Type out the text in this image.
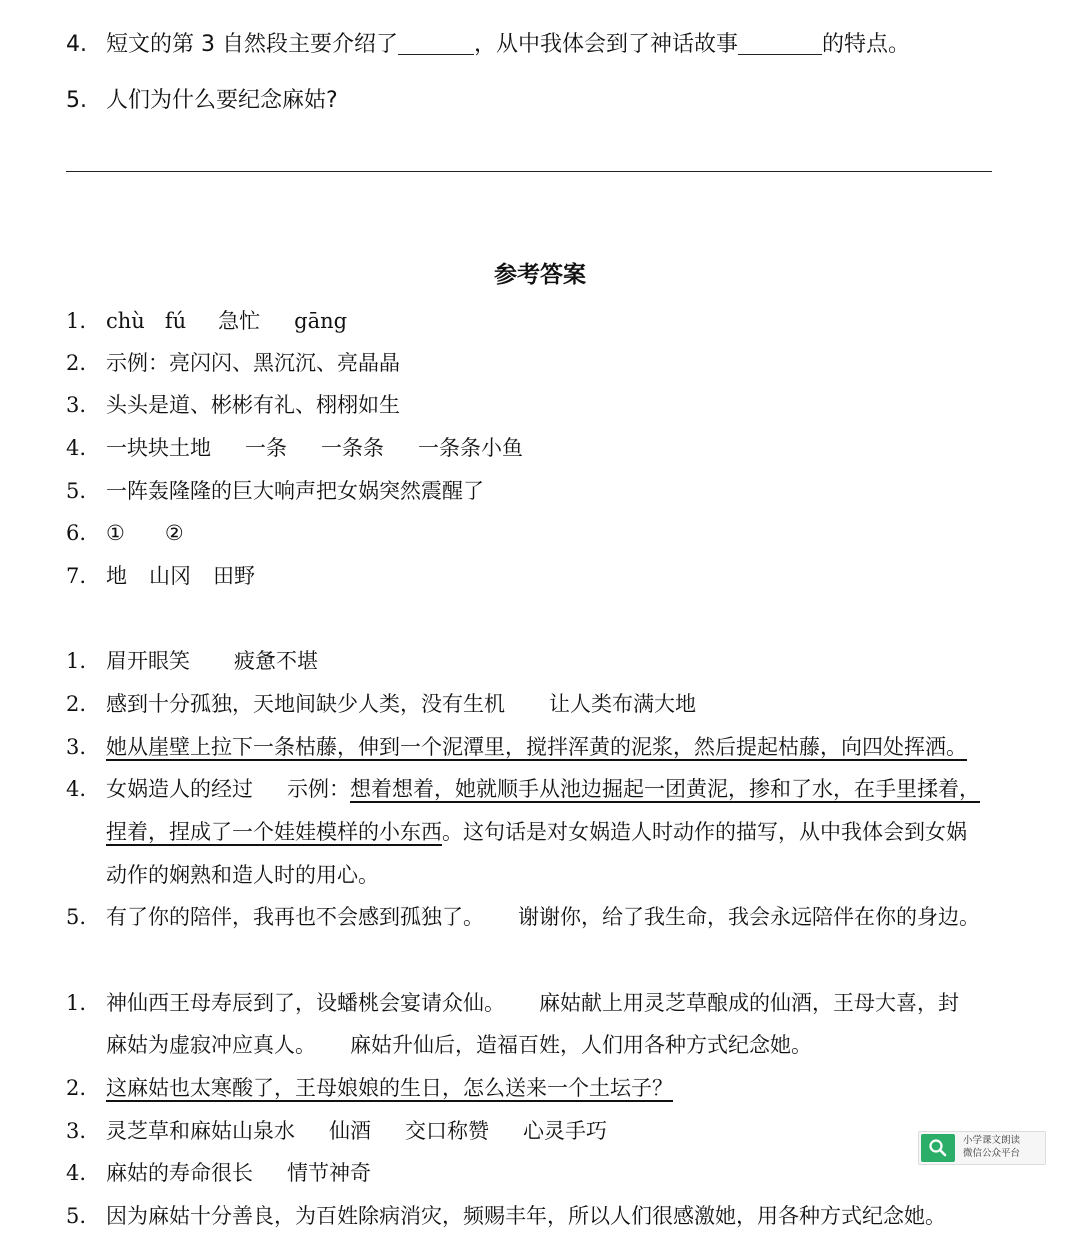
4. 短文的第 3 自然段主要介绍了	，从中我体会到了神话故事	的特点。
5. 人们为什么要纪念麻姑?
参考答案
1. chù fú 急忙 gāng
2. 示例：亮闪闪、黑沉沉、亮晶晶
3. 头头是道、彬彬有礼、栩栩如生
4. 一块块土地 一条 一条条 一条条小鱼
5. 一阵轰隆隆的巨大响声把女娲突然震醒了
6. ① ②
7. 地 山冈 田野
1. 眉开眼笑 疲惫不堪
2. 感到十分孤独，天地间缺少人类，没有生机 让人类布满大地
3. 她从崖壁上拉下一条枯藤，伸到一个泥潭里，搅拌浑黄的泥浆，然后提起枯藤，向四处挥洒。
4. 女娲造人的经过 示例：想着想着，她就顺手从池边掘起一团黄泥，掺和了水，在手里揉着，
捏着，捏成了一个娃娃模样的小东西。这句话是对女娲造人时动作的描写，从中我体会到女娲
动作的娴熟和造人时的用心。
5. 有了你的陪伴，我再也不会感到孤独了。 谢谢你，给了我生命，我会永远陪伴在你的身边。
1. 神仙西王母寿辰到了，设蟠桃会宴请众仙。 麻姑献上用灵芝草酿成的仙酒，王母大喜，封
麻姑为虚寂冲应真人。 麻姑升仙后，造福百姓，人们用各种方式纪念她。
2. 这麻姑也太寒酸了，王母娘娘的生日，怎么送来一个土坛子？
3. 灵芝草和麻姑山泉水 仙酒 交口称赞 心灵手巧
4. 麻姑的寿命很长 情节神奇
5. 因为麻姑十分善良，为百姓除病消灾，频赐丰年，所以人们很感激她，用各种方式纪念她。
小学课文朗读
微信公众平台
